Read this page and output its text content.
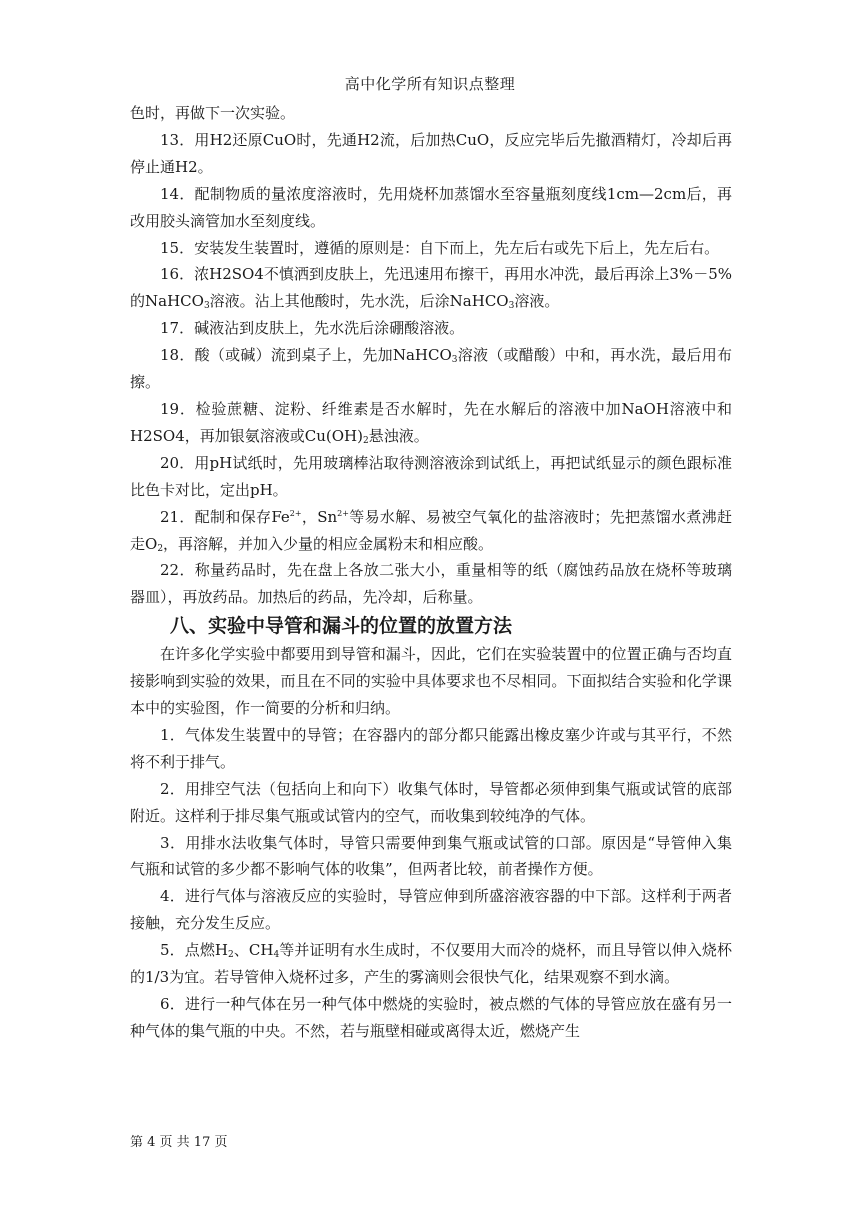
高中化学所有知识点整理

色时，再做下一次实验。

13．用H2还原CuO时，先通H2流，后加热CuO，反应完毕后先撤酒精灯，冷却后再停止通H2。

14．配制物质的量浓度溶液时，先用烧杯加蒸馏水至容量瓶刻度线1cm—2cm后，再改用胶头滴管加水至刻度线。

15．安装发生装置时，遵循的原则是：自下而上，先左后右或先下后上，先左后右。

16．浓H2SO4不慎洒到皮肤上，先迅速用布擦干，再用水冲洗，最后再涂上3%－5%的NaHCO$_3$溶液。沾上其他酸时，先水洗，后涂NaHCO$_3$溶液。

17．碱液沾到皮肤上，先水洗后涂硼酸溶液。

18．酸（或碱）流到桌子上，先加NaHCO$_3$溶液（或醋酸）中和，再水洗，最后用布擦。

19．检验蔗糖、淀粉、纤维素是否水解时，先在水解后的溶液中加NaOH溶液中和H2SO4，再加银氨溶液或$Cu(OH)_2$悬浊液。

20．用pH试纸时，先用玻璃棒沾取待测溶液涂到试纸上，再把试纸显示的颜色跟标准比色卡对比，定出pH。

21．配制和保存$Fe^{2+}$，$Sn^{2+}$等易水解、易被空气氧化的盐溶液时；先把蒸馏水煮沸赶走$O_2$，再溶解，并加入少量的相应金属粉末和相应酸。

22．称量药品时，先在盘上各放二张大小，重量相等的纸（腐蚀药品放在烧杯等玻璃器皿），再放药品。加热后的药品，先冷却，后称量。

八、实验中导管和漏斗的位置的放置方法

在许多化学实验中都要用到导管和漏斗，因此，它们在实验装置中的位置正确与否均直接影响到实验的效果，而且在不同的实验中具体要求也不尽相同。下面拟结合实验和化学课本中的实验图，作一简要的分析和归纳。

1．气体发生装置中的导管；在容器内的部分都只能露出橡皮塞少许或与其平行，不然将不利于排气。

2．用排空气法（包括向上和向下）收集气体时，导管都必须伸到集气瓶或试管的底部附近。这样利于排尽集气瓶或试管内的空气，而收集到较纯净的气体。

3．用排水法收集气体时，导管只需要伸到集气瓶或试管的口部。原因是“导管伸入集气瓶和试管的多少都不影响气体的收集”，但两者比较，前者操作方便。

4．进行气体与溶液反应的实验时，导管应伸到所盛溶液容器的中下部。这样利于两者接触，充分发生反应。

5．点燃$H_2$、$CH_4$等并证明有水生成时，不仅要用大而冷的烧杯，而且导管以伸入烧杯的1/3为宜。若导管伸入烧杯过多，产生的雾滴则会很快气化，结果观察不到水滴。

6．进行一种气体在另一种气体中燃烧的实验时，被点燃的气体的导管应放在盛有另一种气体的集气瓶的中央。不然，若与瓶壁相碰或离得太近，燃烧产生

第 4 页 共 17 页
